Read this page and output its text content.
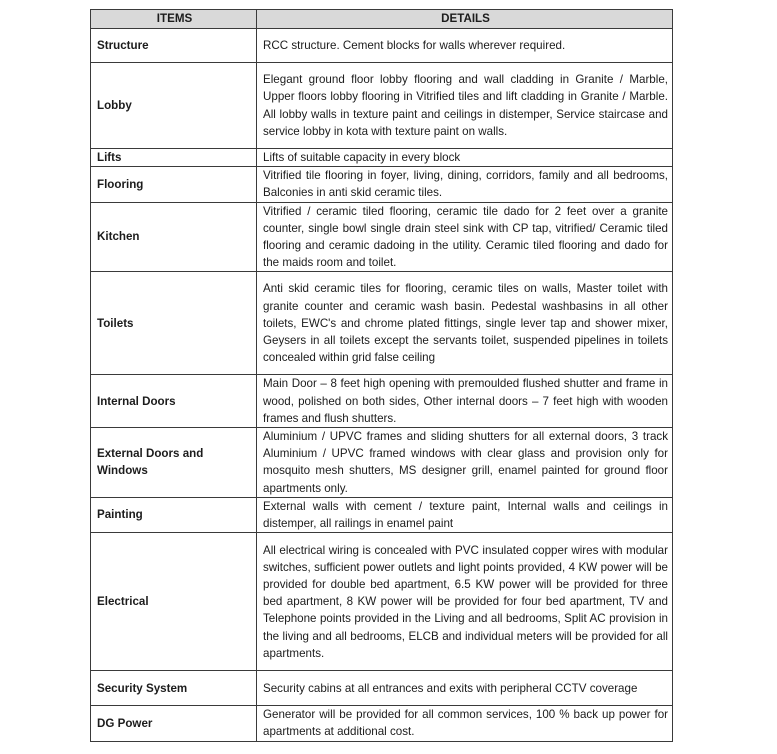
ITEMS	DETAILS
Structure	RCC structure. Cement blocks for walls wherever required.
Lobby	Elegant ground floor lobby flooring and wall cladding in Granite / Marble, Upper floors lobby flooring in Vitrified tiles and lift cladding in Granite / Marble. All lobby walls in texture paint and ceilings in distemper, Service staircase and service lobby in kota with texture paint on walls.
Lifts	Lifts of suitable capacity in every block
Flooring	Vitrified tile flooring in foyer, living, dining, corridors, family and all bedrooms, Balconies in anti skid ceramic tiles.
Kitchen	Vitrified / ceramic tiled flooring, ceramic tile dado for 2 feet over a granite counter, single bowl single drain steel sink with CP tap, vitrified/ Ceramic tiled flooring and ceramic dadoing in the utility. Ceramic tiled flooring and dado for the maids room and toilet.
Toilets	Anti skid ceramic tiles for flooring, ceramic tiles on walls, Master toilet with granite counter and ceramic wash basin. Pedestal washbasins in all other toilets, EWC's and chrome plated fittings, single lever tap and shower mixer, Geysers in all toilets except the servants toilet, suspended pipelines in toilets concealed within grid false ceiling
Internal Doors	Main Door – 8 feet high opening with premoulded flushed shutter and frame in wood, polished on both sides, Other internal doors – 7 feet high with wooden frames and flush shutters.
External Doors and Windows	Aluminium / UPVC frames and sliding shutters for all external doors, 3 track Aluminium / UPVC framed windows with clear glass and provision only for mosquito mesh shutters, MS designer grill, enamel painted for ground floor apartments only.
Painting	External walls with cement / texture paint, Internal walls and ceilings in distemper, all railings in enamel paint
Electrical	All electrical wiring is concealed with PVC insulated copper wires with modular switches, sufficient power outlets and light points provided, 4 KW power will be provided for double bed apartment, 6.5 KW power will be provided for three bed apartment, 8 KW power will be provided for four bed apartment, TV and Telephone points provided in the Living and all bedrooms, Split AC provision in the living and all bedrooms, ELCB and individual meters will be provided for all apartments.
Security System	Security cabins at all entrances and exits with peripheral CCTV coverage
DG Power	Generator will be provided for all common services, 100 % back up power for apartments at additional cost.
